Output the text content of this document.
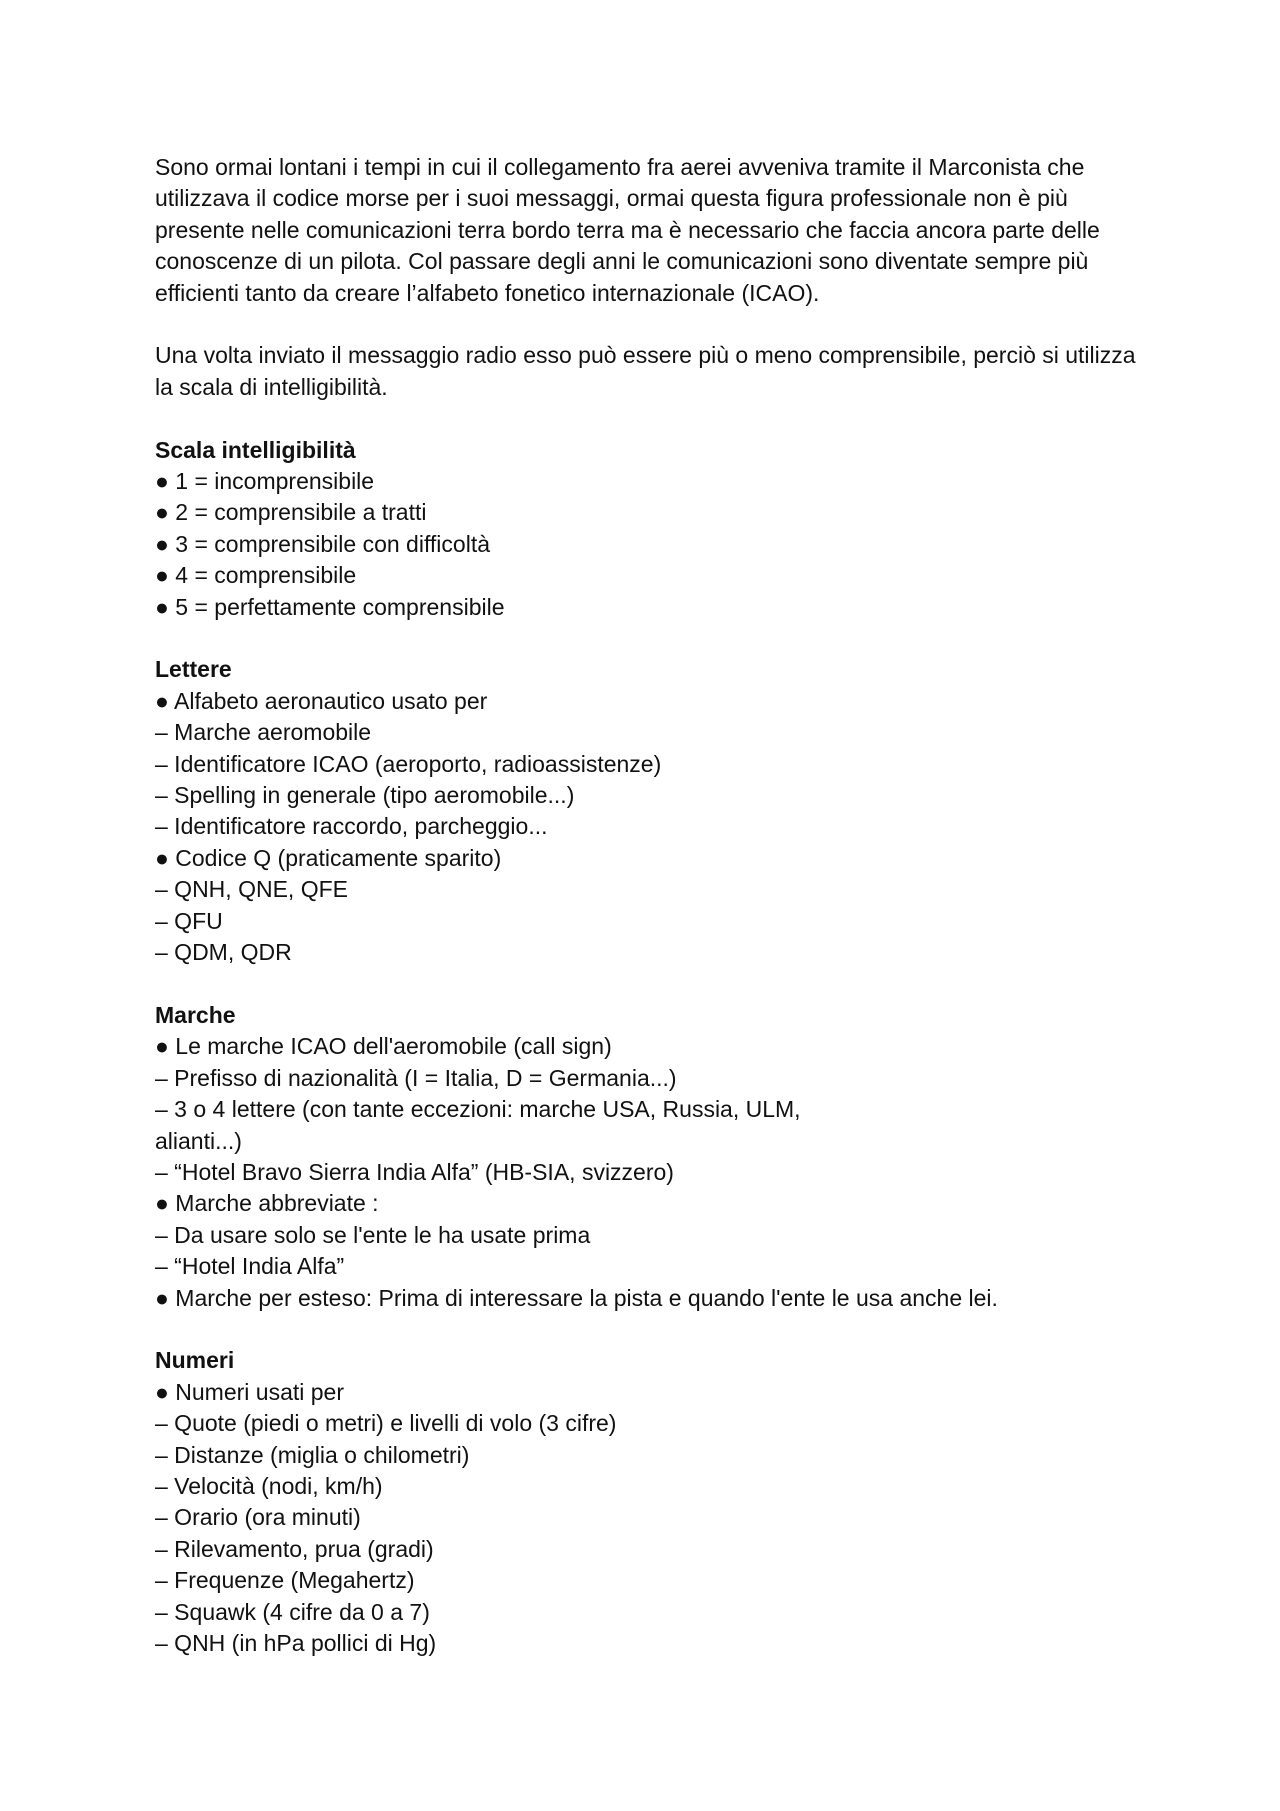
Sono ormai lontani i tempi in cui il collegamento fra aerei avveniva tramite il Marconista che utilizzava il codice morse per i suoi messaggi, ormai questa figura professionale non è più presente nelle comunicazioni terra bordo terra ma è necessario che faccia ancora parte delle conoscenze di un pilota. Col passare degli anni le comunicazioni sono diventate sempre più efficienti tanto da creare l’alfabeto fonetico internazionale (ICAO).

Una volta inviato il messaggio radio esso può essere più o meno comprensibile, perciò si utilizza la scala di intelligibilità.

Scala intelligibilità

● 1 = incomprensibile

● 2 = comprensibile a tratti

● 3 = comprensibile con difficoltà

● 4 = comprensibile

● 5 = perfettamente comprensibile

Lettere

● Alfabeto aeronautico usato per

– Marche aeromobile

– Identificatore ICAO (aeroporto, radioassistenze)

– Spelling in generale (tipo aeromobile...)

– Identificatore raccordo, parcheggio...

● Codice Q (praticamente sparito)

– QNH, QNE, QFE

– QFU

– QDM, QDR

Marche

● Le marche ICAO dell'aeromobile (call sign)

– Prefisso di nazionalità (I = Italia, D = Germania...)

– 3 o 4 lettere (con tante eccezioni: marche USA, Russia, ULM,

alianti...)

– “Hotel Bravo Sierra India Alfa” (HB-SIA, svizzero)

● Marche abbreviate :

– Da usare solo se l'ente le ha usate prima

– “Hotel India Alfa”

● Marche per esteso: Prima di interessare la pista e quando l'ente le usa anche lei.

Numeri

● Numeri usati per

– Quote (piedi o metri) e livelli di volo (3 cifre)

– Distanze (miglia o chilometri)

– Velocità (nodi, km/h)

– Orario (ora minuti)

– Rilevamento, prua (gradi)

– Frequenze (Megahertz)

– Squawk (4 cifre da 0 a 7)

– QNH (in hPa pollici di Hg)
